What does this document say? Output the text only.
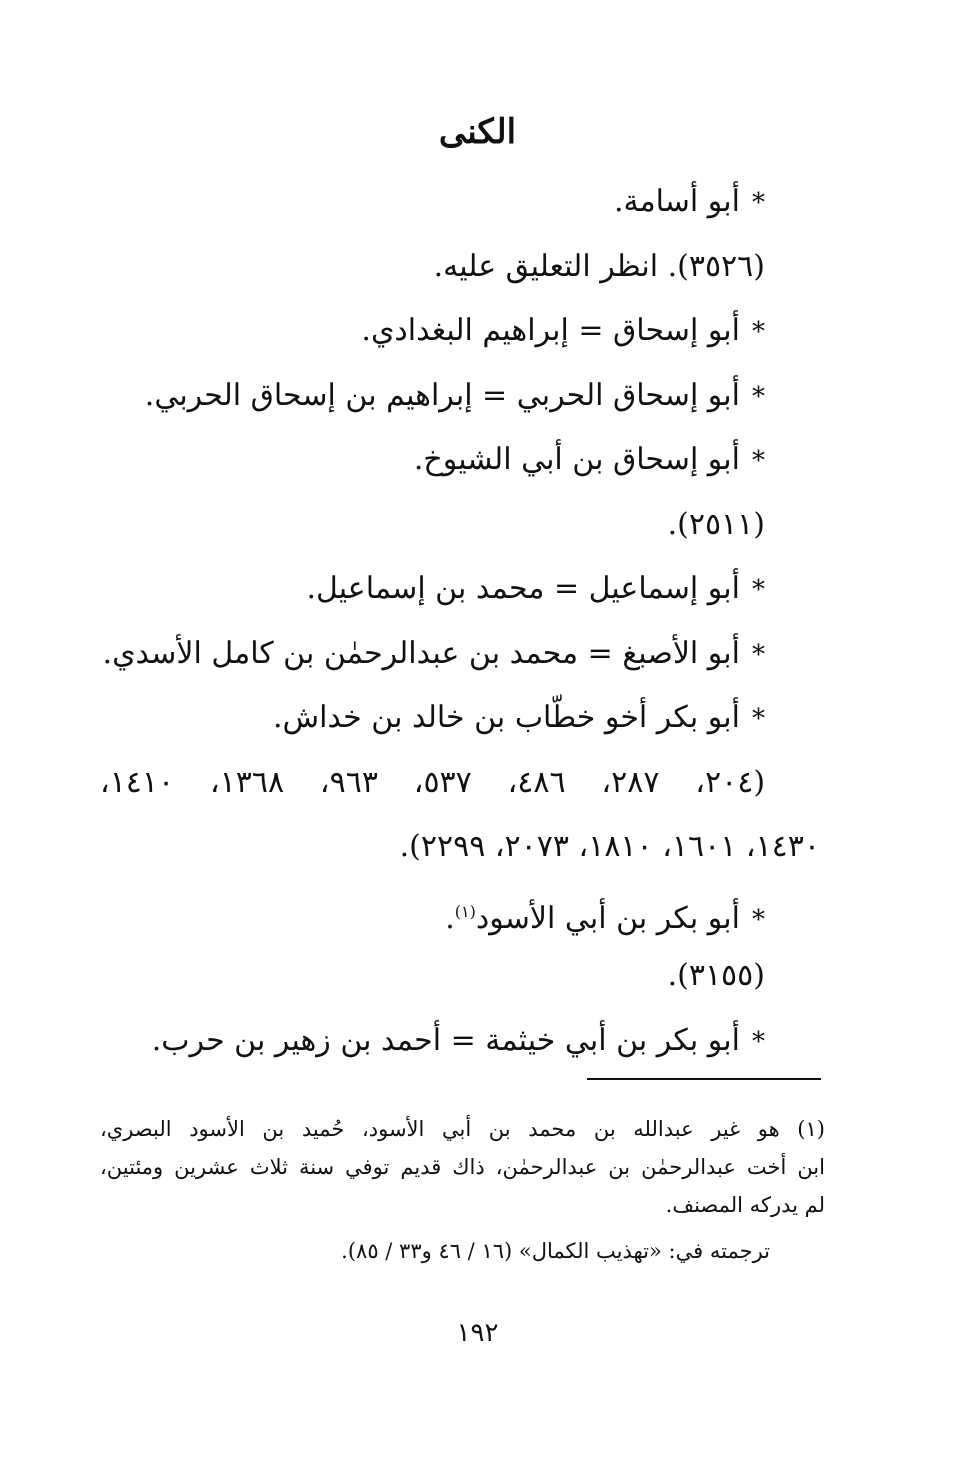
الكنى
*أبو أسامة.
(٣٥٢٦). انظر التعليق عليه.
*أبو إسحاق = إبراهيم البغدادي.
*أبو إسحاق الحربي = إبراهيم بن إسحاق الحربي.
*أبو إسحاق بن أبي الشيوخ.
(٢٥١١).
*أبو إسماعيل = محمد بن إسماعيل.
*أبو الأصبغ = محمد بن عبدالرحمٰن بن كامل الأسدي.
*أبو بكر أخو خطّاب بن خالد بن خداش.
(٢٠٤، ٢٨٧، ٤٨٦، ٥٣٧، ٩٦٣، ١٣٦٨، ١٤١٠،
١٤٣٠، ١٦٠١، ١٨١٠، ٢٠٧٣، ٢٢٩٩).
*أبو بكر بن أبي الأسود$^{(١)}$.
(٣١٥٥).
*أبو بكر بن أبي خيثمة = أحمد بن زهير بن حرب.
(١) هو غير عبدالله بن محمد بن أبي الأسود، حُميد بن الأسود البصري،
ابن أخت عبدالرحمٰن بن عبدالرحمٰن، ذاك قديم توفي سنة ثلاث عشرين ومئتين،
لم يدركه المصنف.
ترجمته في: «تهذيب الكمال» (١٦ / ٤٦ و٣٣ / ٨٥).
١٩٢
